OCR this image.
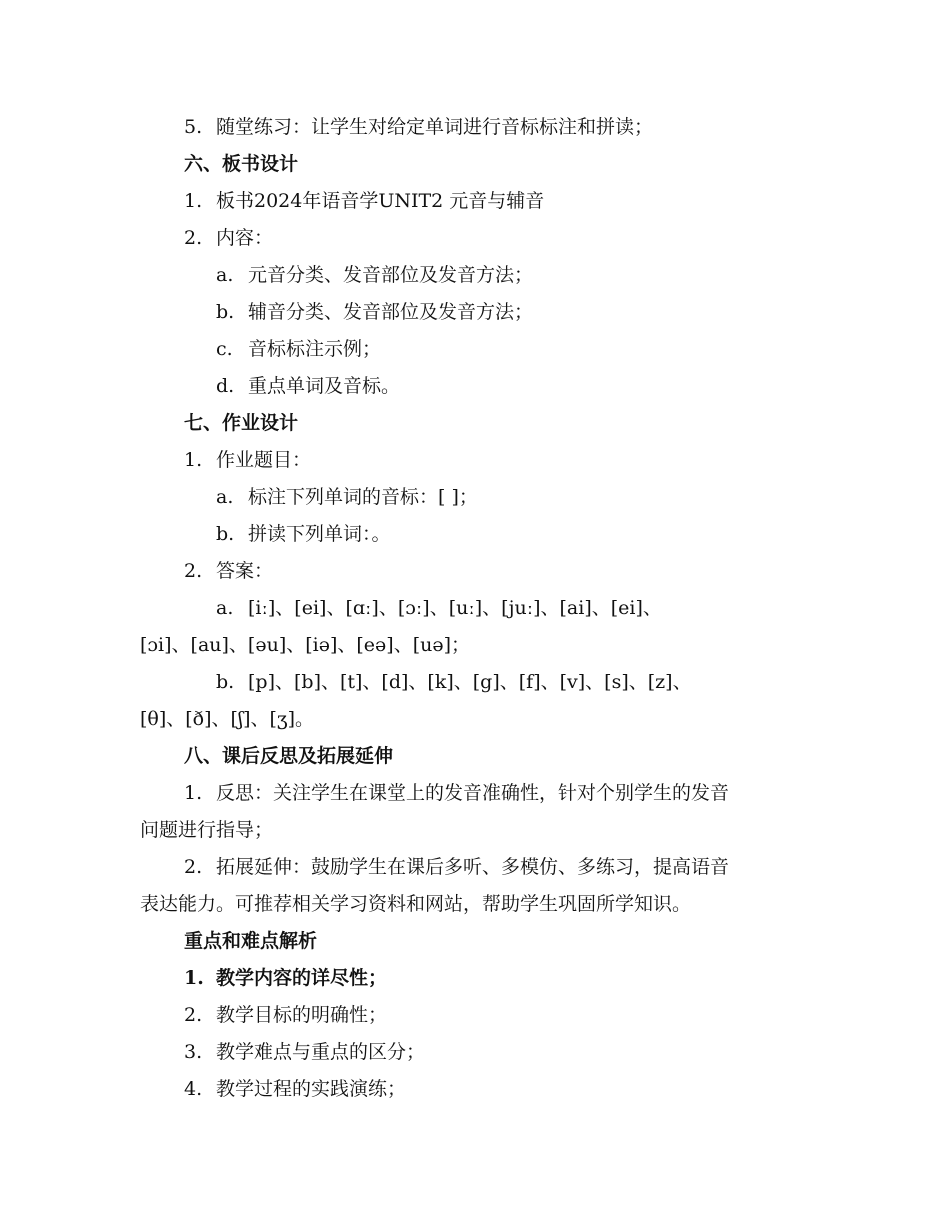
5. 随堂练习：让学生对给定单词进行音标标注和拼读；
六、板书设计
1. 板书2024年语音学UNIT2 元音与辅音
2. 内容：
a. 元音分类、发音部位及发音方法；
b. 辅音分类、发音部位及发音方法；
c. 音标标注示例；
d. 重点单词及音标。
七、作业设计
1. 作业题目：
a. 标注下列单词的音标：[ ]；
b. 拼读下列单词：。
2. 答案：
a. [iː]、[ei]、[ɑː]、[ɔː]、[uː]、[juː]、[ai]、[ei]、
[ɔi]、[au]、[əu]、[iə]、[eə]、[uə]；
b. [p]、[b]、[t]、[d]、[k]、[g]、[f]、[v]、[s]、[z]、
[θ]、[ð]、[ʃ]、[ʒ]。
八、课后反思及拓展延伸
1. 反思：关注学生在课堂上的发音准确性，针对个别学生的发音
问题进行指导；
2. 拓展延伸：鼓励学生在课后多听、多模仿、多练习，提高语音
表达能力。可推荐相关学习资料和网站，帮助学生巩固所学知识。
重点和难点解析
1. 教学内容的详尽性；
2. 教学目标的明确性；
3. 教学难点与重点的区分；
4. 教学过程的实践演练；
